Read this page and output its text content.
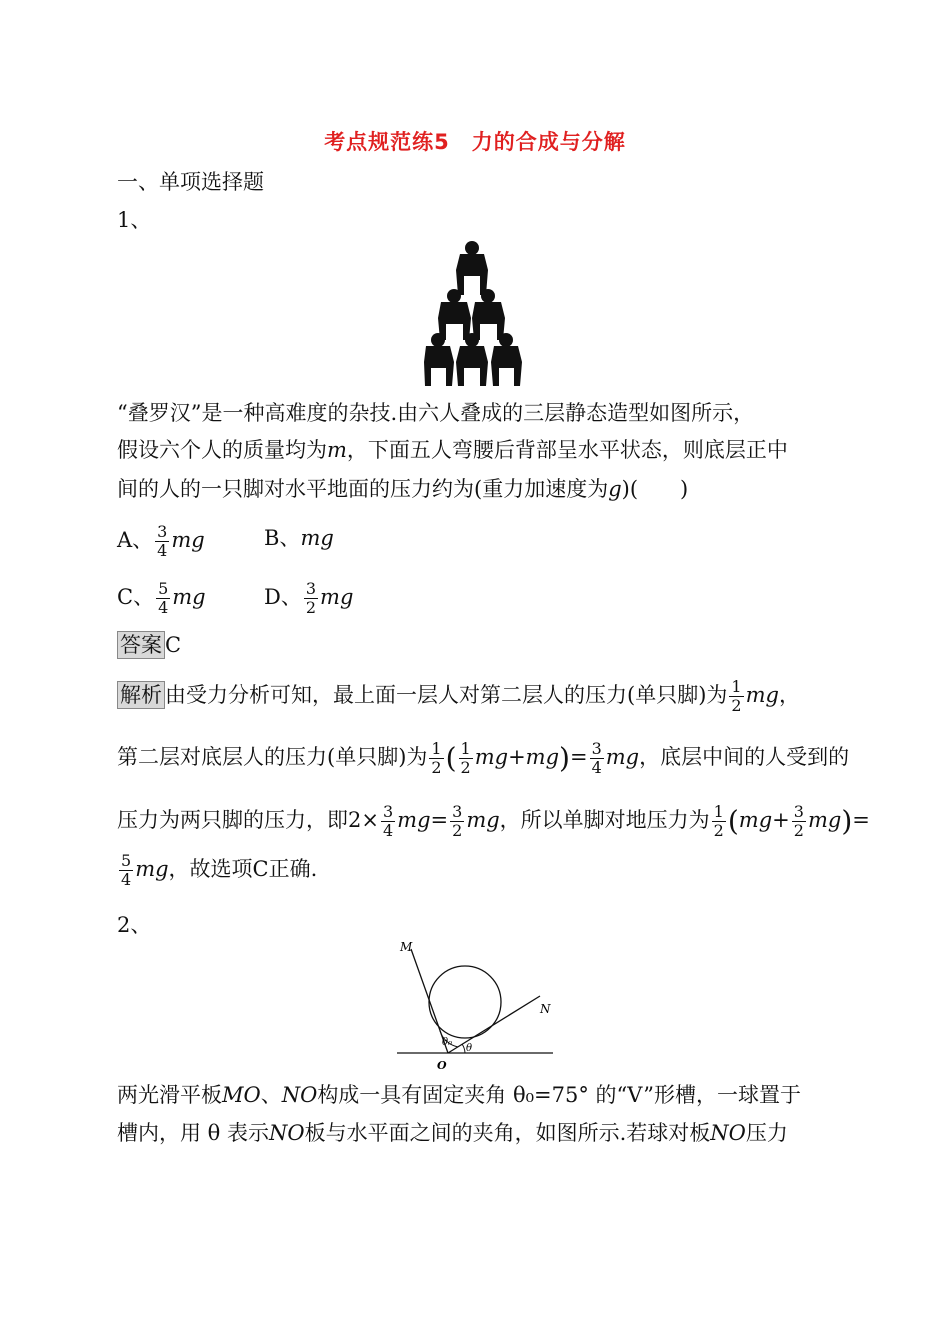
考点规范练5　力的合成与分解
一、单项选择题
1、
“叠罗汉”是一种高难度的杂技.由六人叠成的三层静态造型如图所示，
假设六个人的质量均为m，下面五人弯腰后背部呈水平状态，则底层正中
间的人的一只脚对水平地面的压力约为(重力加速度为g)(　　)
A、 $\frac{3}{4}$ mg	B、mg
C、 $\frac{5}{4}$ mg	D、 $\frac{3}{2}$ mg
答案 C
解析 由受力分析可知，最上面一层人对第二层人的压力(单只脚)为 $\frac{1}{2}$ mg，
第二层对底层人的压力(单只脚)为 $\frac{1}{2}$ ( $\frac{1}{2} mg+mg)= \frac{3}{4}$ mg，底层中间的人受到的
压力为两只脚的压力，即$2\times \frac{3}{4} mg= \frac{3}{2}$ mg，所以单脚对地压力为 $\frac{1}{2} (mg+ \frac{3}{2} mg)=$
$\frac{5}{4}$ mg，故选项C正确.
2、
M
N
O
θ₀
θ
两光滑平板MO、NO构成一具有固定夹角 θ₀=75° 的“V”形槽，一球置于
槽内，用 θ 表示NO板与水平面之间的夹角，如图所示.若球对板NO压力
